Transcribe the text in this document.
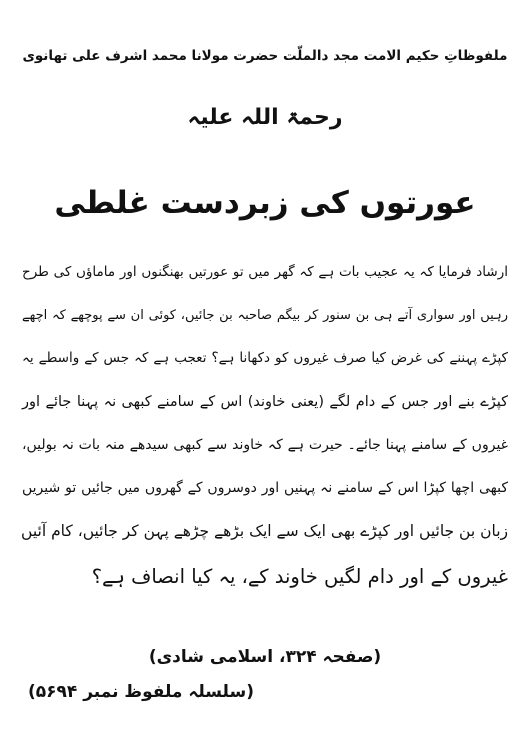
ملفوظاتِ حکیم الامت مجد دالملّت حضرت مولانا محمد اشرف علی تھانوی
رحمۃ اللہ علیہ
عورتوں کی زبردست غلطی
ارشاد فرمایا کہ یہ عجیب بات ہے کہ گھر میں تو عورتیں بھنگنوں اور ماماؤں کی طرح
رہیں اور سواری آتے ہی بن سنور کر بیگم صاحبہ بن جائیں، کوئی ان سے پوچھے کہ اچھے
کپڑے پہننے کی غرض کیا صرف غیروں کو دکھانا ہے؟ تعجب ہے کہ جس کے واسطے یہ
کپڑے بنے اور جس کے دام لگے (یعنی خاوند) اس کے سامنے کبھی نہ پہنا جائے اور
غیروں کے سامنے پہنا جائے۔ حیرت ہے کہ خاوند سے کبھی سیدھے منہ بات نہ بولیں،
کبھی اچھا کپڑا اس کے سامنے نہ پہنیں اور دوسروں کے گھروں میں جائیں تو شیریں
زبان بن جائیں اور کپڑے بھی ایک سے ایک بڑھے چڑھے پہن کر جائیں، کام آئیں
غیروں کے اور دام لگیں خاوند کے، یہ کیا انصاف ہے؟
(صفحہ ۳۲۴، اسلامی شادی)
(سلسلہ ملفوظ نمبر ۵۶۹۴)
